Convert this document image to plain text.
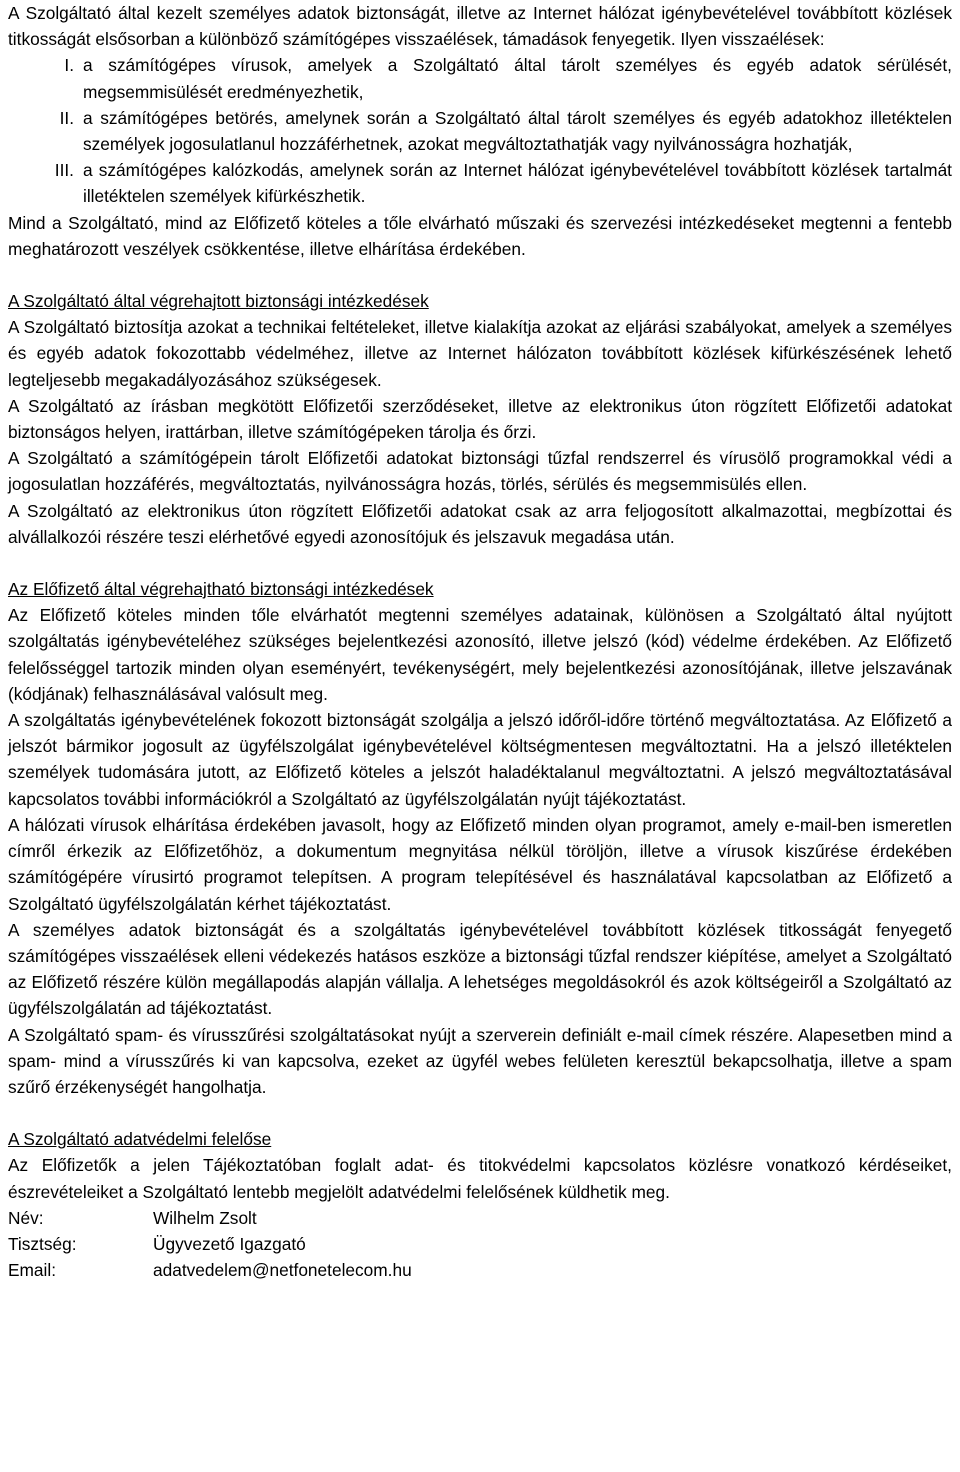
A Szolgáltató által kezelt személyes adatok biztonságát, illetve az Internet hálózat igénybevételével továbbított közlések titkosságát elsősorban a különböző számítógépes visszaélések, támadások fenyegetik. Ilyen visszaélések:

I. a számítógépes vírusok, amelyek a Szolgáltató által tárolt személyes és egyéb adatok sérülését, megsemmisülését eredményezhetik,
II. a számítógépes betörés, amelynek során a Szolgáltató által tárolt személyes és egyéb adatokhoz illetéktelen személyek jogosulatlanul hozzáférhetnek, azokat megváltoztathatják vagy nyilvánosságra hozhatják,
III. a számítógépes kalózkodás, amelynek során az Internet hálózat igénybevételével továbbított közlések tartalmát illetéktelen személyek kifürkészhetik.

Mind a Szolgáltató, mind az Előfizető köteles a tőle elvárható műszaki és szervezési intézkedéseket megtenni a fentebb meghatározott veszélyek csökkentése, illetve elhárítása érdekében.

A Szolgáltató által végrehajtott biztonsági intézkedések

A Szolgáltató biztosítja azokat a technikai feltételeket, illetve kialakítja azokat az eljárási szabályokat, amelyek a személyes és egyéb adatok fokozottabb védelméhez, illetve az Internet hálózaton továbbított közlések kifürkészésének lehető legteljesebb megakadályozásához szükségesek.

A Szolgáltató az írásban megkötött Előfizetői szerződéseket, illetve az elektronikus úton rögzített Előfizetői adatokat biztonságos helyen, irattárban, illetve számítógépeken tárolja és őrzi.

A Szolgáltató a számítógépein tárolt Előfizetői adatokat biztonsági tűzfal rendszerrel és vírusölő programokkal védi a jogosulatlan hozzáférés, megváltoztatás, nyilvánosságra hozás, törlés, sérülés és megsemmisülés ellen.

A Szolgáltató az elektronikus úton rögzített Előfizetői adatokat csak az arra feljogosított alkalmazottai, megbízottai és alvállalkozói részére teszi elérhetővé egyedi azonosítójuk és jelszavuk megadása után.

Az Előfizető által végrehajtható biztonsági intézkedések

Az Előfizető köteles minden tőle elvárhatót megtenni személyes adatainak, különösen a Szolgáltató által nyújtott szolgáltatás igénybevételéhez szükséges bejelentkezési azonosító, illetve jelszó (kód) védelme érdekében. Az Előfizető felelősséggel tartozik minden olyan eseményért, tevékenységért, mely bejelentkezési azonosítójának, illetve jelszavának (kódjának) felhasználásával valósult meg.

A szolgáltatás igénybevételének fokozott biztonságát szolgálja a jelszó időről-időre történő megváltoztatása. Az Előfizető a jelszót bármikor jogosult az ügyfélszolgálat igénybevételével költségmentesen megváltoztatni. Ha a jelszó illetéktelen személyek tudomására jutott, az Előfizető köteles a jelszót haladéktalanul megváltoztatni. A jelszó megváltoztatásával kapcsolatos további információkról a Szolgáltató az ügyfélszolgálatán nyújt tájékoztatást.

A hálózati vírusok elhárítása érdekében javasolt, hogy az Előfizető minden olyan programot, amely e-mail-ben ismeretlen címről érkezik az Előfizetőhöz, a dokumentum megnyitása nélkül töröljön, illetve a vírusok kiszűrése érdekében számítógépére vírusirtó programot telepítsen. A program telepítésével és használatával kapcsolatban az Előfizető a Szolgáltató ügyfélszolgálatán kérhet tájékoztatást.

A személyes adatok biztonságát és a szolgáltatás igénybevételével továbbított közlések titkosságát fenyegető számítógépes visszaélések elleni védekezés hatásos eszköze a biztonsági tűzfal rendszer kiépítése, amelyet a Szolgáltató az Előfizető részére külön megállapodás alapján vállalja. A lehetséges megoldásokról és azok költségeiről a Szolgáltató az ügyfélszolgálatán ad tájékoztatást.

A Szolgáltató spam- és vírusszűrési szolgáltatásokat nyújt a szerverein definiált e-mail címek részére. Alapesetben mind a spam- mind a vírusszűrés ki van kapcsolva, ezeket az ügyfél webes felületen keresztül bekapcsolhatja, illetve a spam szűrő érzékenységét hangolhatja.

A Szolgáltató adatvédelmi felelőse

Az Előfizetők a jelen Tájékoztatóban foglalt adat- és titokvédelmi kapcsolatos közlésre vonatkozó kérdéseiket, észrevételeiket a Szolgáltató lentebb megjelölt adatvédelmi felelősének küldhetik meg.

Név:	Wilhelm Zsolt
Tisztség:	Ügyvezető Igazgató
Email:	adatvedelem@netfonetelecom.hu
